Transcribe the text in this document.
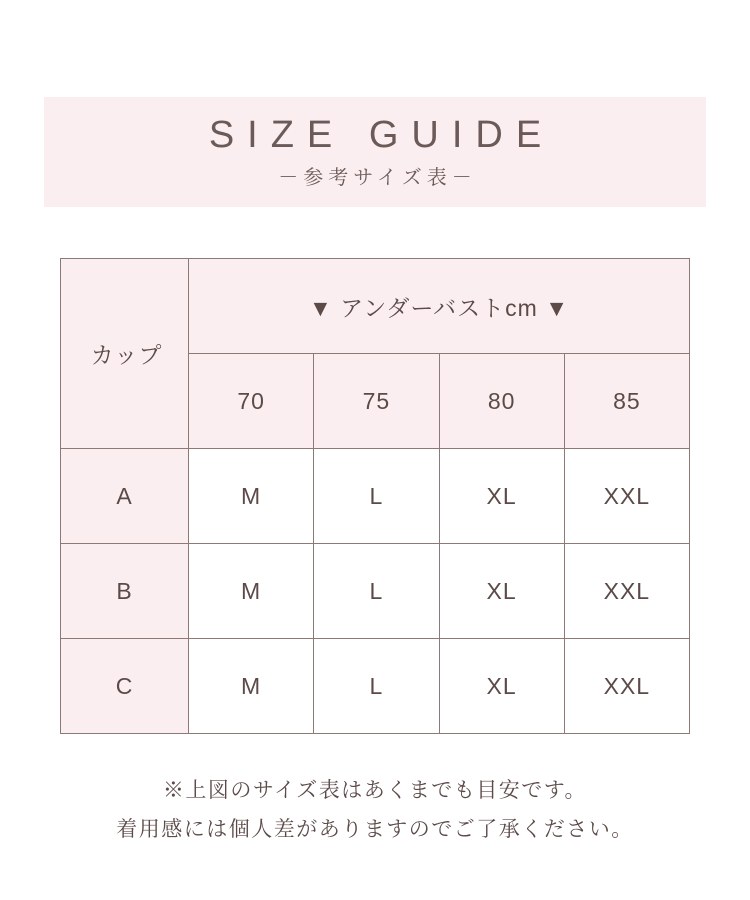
SIZE GUIDE
－参考サイズ表－
カップ	▼ アンダーバストcm ▼			
	70	75	80	85
A	M	L	XL	XXL
B	M	L	XL	XXL
C	M	L	XL	XXL
※上図のサイズ表はあくまでも目安です。
着用感には個人差がありますのでご了承ください。
